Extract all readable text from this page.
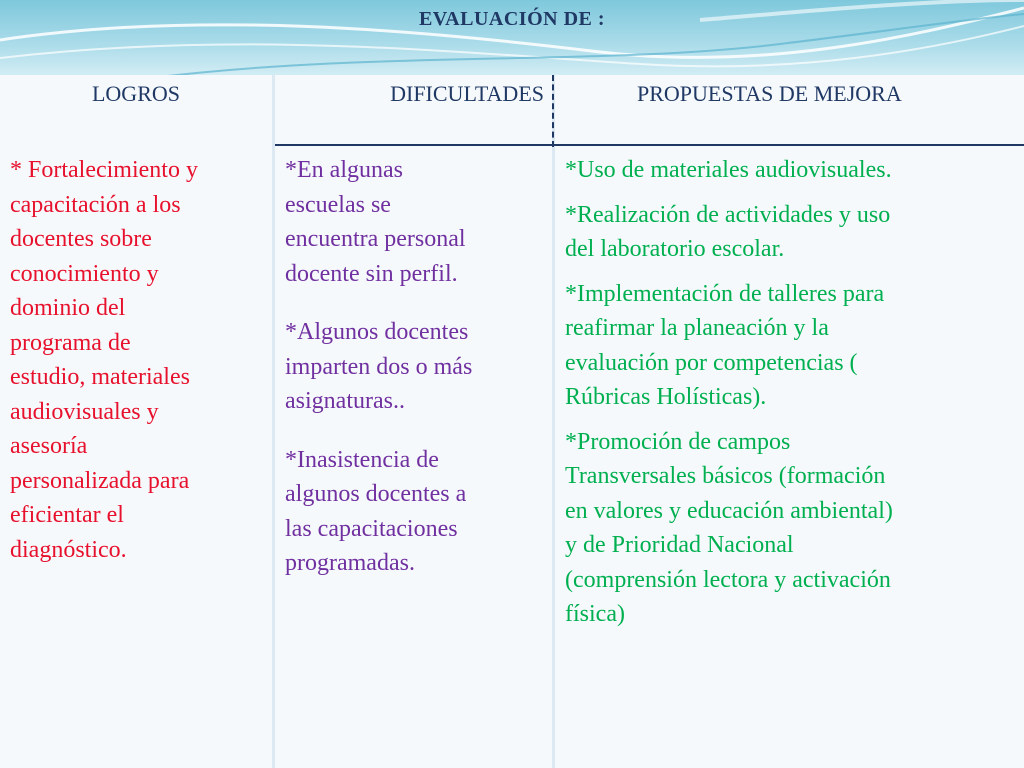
EVALUACIÓN DE :
LOGROS	DIFICULTADES	PROPUESTAS DE MEJORA
* Fortalecimiento y
capacitación a los
docentes sobre
conocimiento y
dominio del
programa de
estudio, materiales
audiovisuales y
asesoría
personalizada para
eficientar el
diagnóstico.
*En algunas
escuelas se
encuentra personal
docente sin perfil.
*Algunos docentes
imparten dos o más
asignaturas..
*Inasistencia de
algunos docentes a
las capacitaciones
programadas.
*Uso de materiales audiovisuales.
*Realización de actividades y uso
del laboratorio escolar.
*Implementación de talleres para
reafirmar la planeación y la
evaluación por competencias (
Rúbricas Holísticas).
*Promoción de campos
Transversales básicos (formación
en valores y educación ambiental)
y de Prioridad Nacional
(comprensión lectora y activación
física)
